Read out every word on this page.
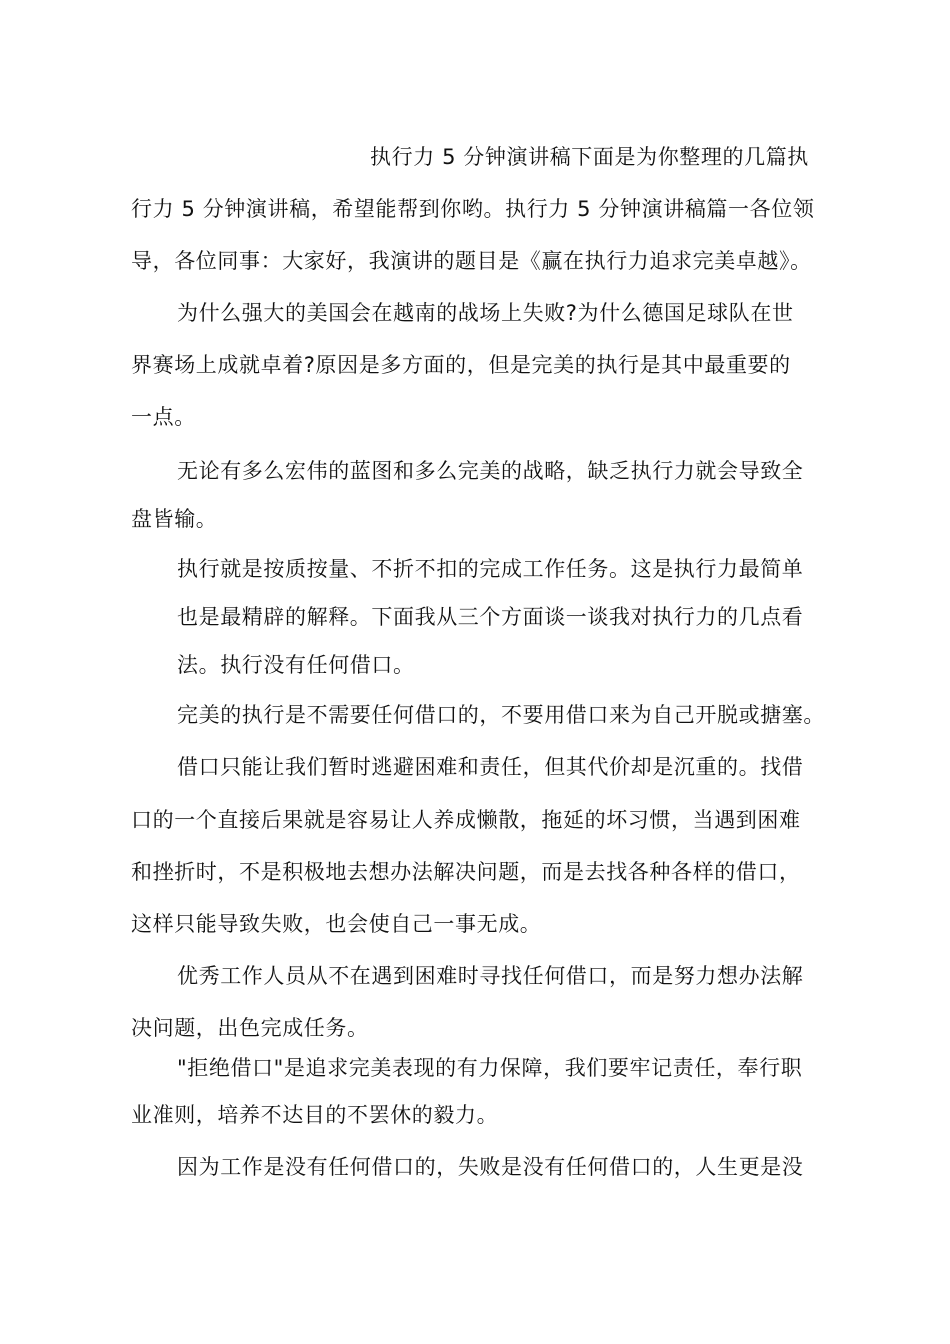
执行力 5 分钟演讲稿下面是为你整理的几篇执
行力 5 分钟演讲稿，希望能帮到你哟。执行力 5 分钟演讲稿篇一各位领
导，各位同事：大家好，我演讲的题目是《赢在执行力追求完美卓越》。
为什么强大的美国会在越南的战场上失败?为什么德国足球队在世
界赛场上成就卓着?原因是多方面的，但是完美的执行是其中最重要的
一点。
无论有多么宏伟的蓝图和多么完美的战略，缺乏执行力就会导致全
盘皆输。
执行就是按质按量、不折不扣的完成工作任务。这是执行力最简单
也是最精辟的解释。下面我从三个方面谈一谈我对执行力的几点看
法。执行没有任何借口。
完美的执行是不需要任何借口的，不要用借口来为自己开脱或搪塞。
借口只能让我们暂时逃避困难和责任，但其代价却是沉重的。找借
口的一个直接后果就是容易让人养成懒散，拖延的坏习惯，当遇到困难
和挫折时，不是积极地去想办法解决问题，而是去找各种各样的借口，
这样只能导致失败，也会使自己一事无成。
优秀工作人员从不在遇到困难时寻找任何借口，而是努力想办法解
决问题，出色完成任务。
"拒绝借口"是追求完美表现的有力保障，我们要牢记责任，奉行职
业准则，培养不达目的不罢休的毅力。
因为工作是没有任何借口的，失败是没有任何借口的，人生更是没
